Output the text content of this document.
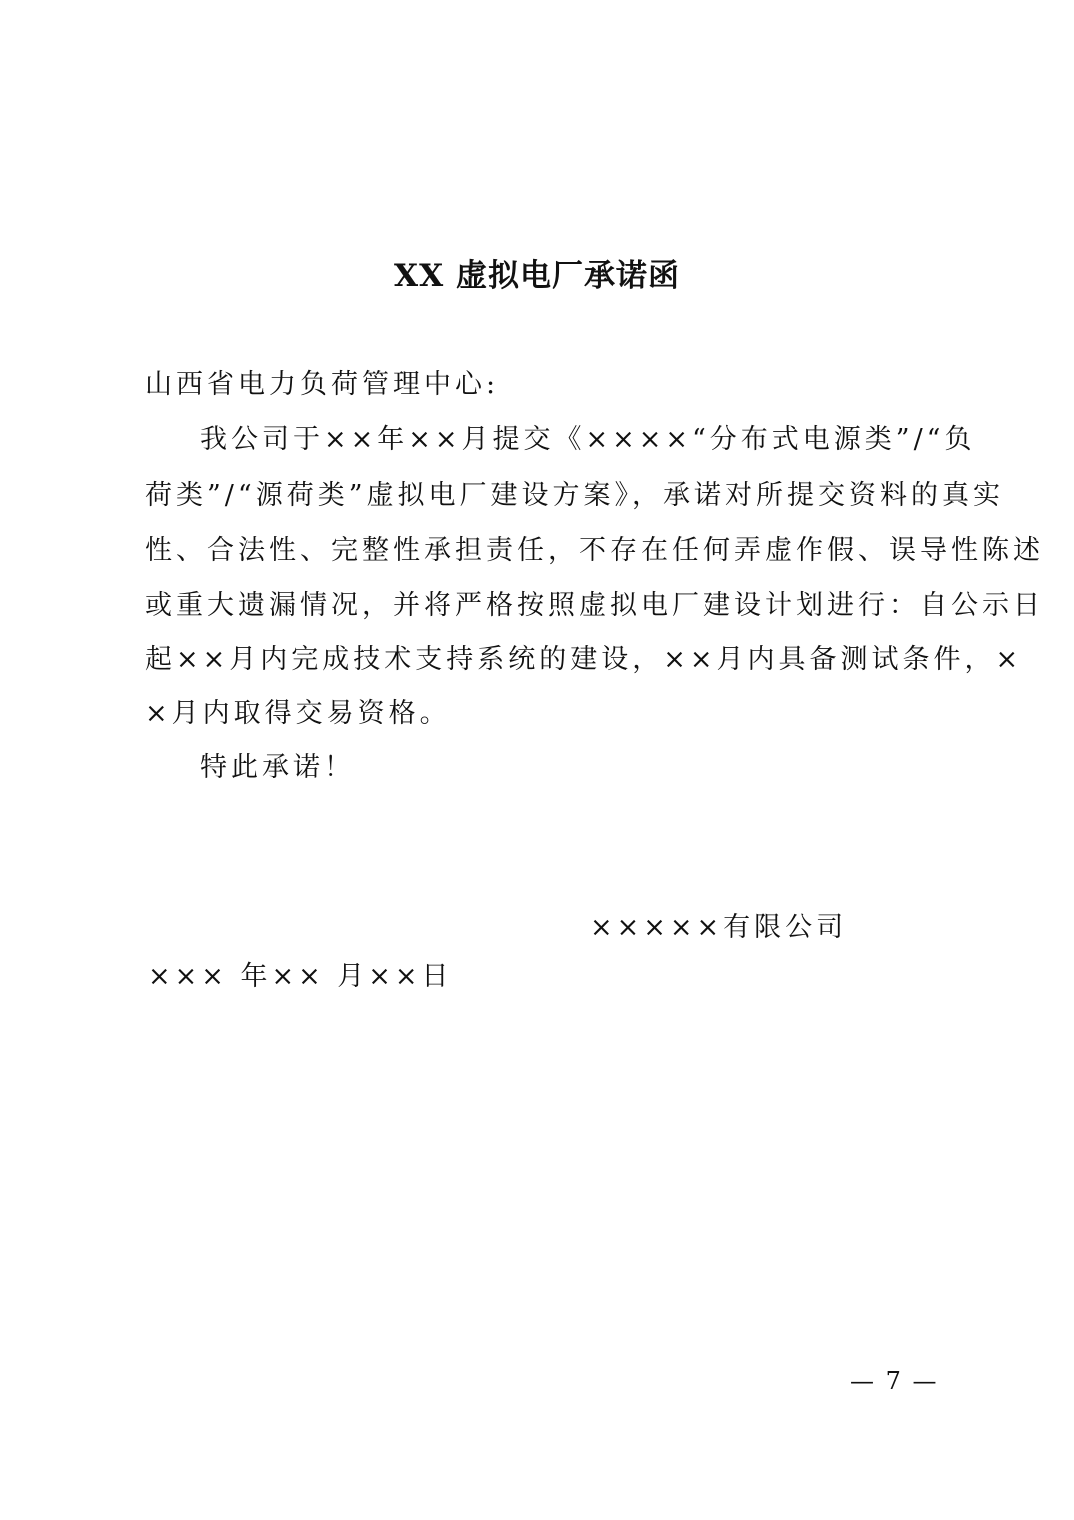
XX 虚拟电厂承诺函
山西省电力负荷管理中心:
我公司于××年××月提交《××××“分布式电源类”/“负
荷类”/“源荷类”虚拟电厂建设方案》，承诺对所提交资料的真实
性、合法性、完整性承担责任，不存在任何弄虚作假、误导性陈述
或重大遗漏情况，并将严格按照虚拟电厂建设计划进行：自公示日
起××月内完成技术支持系统的建设，××月内具备测试条件，×
×月内取得交易资格。
特此承诺！
×××××有限公司
××× 年×× 月××日
— 7 —
